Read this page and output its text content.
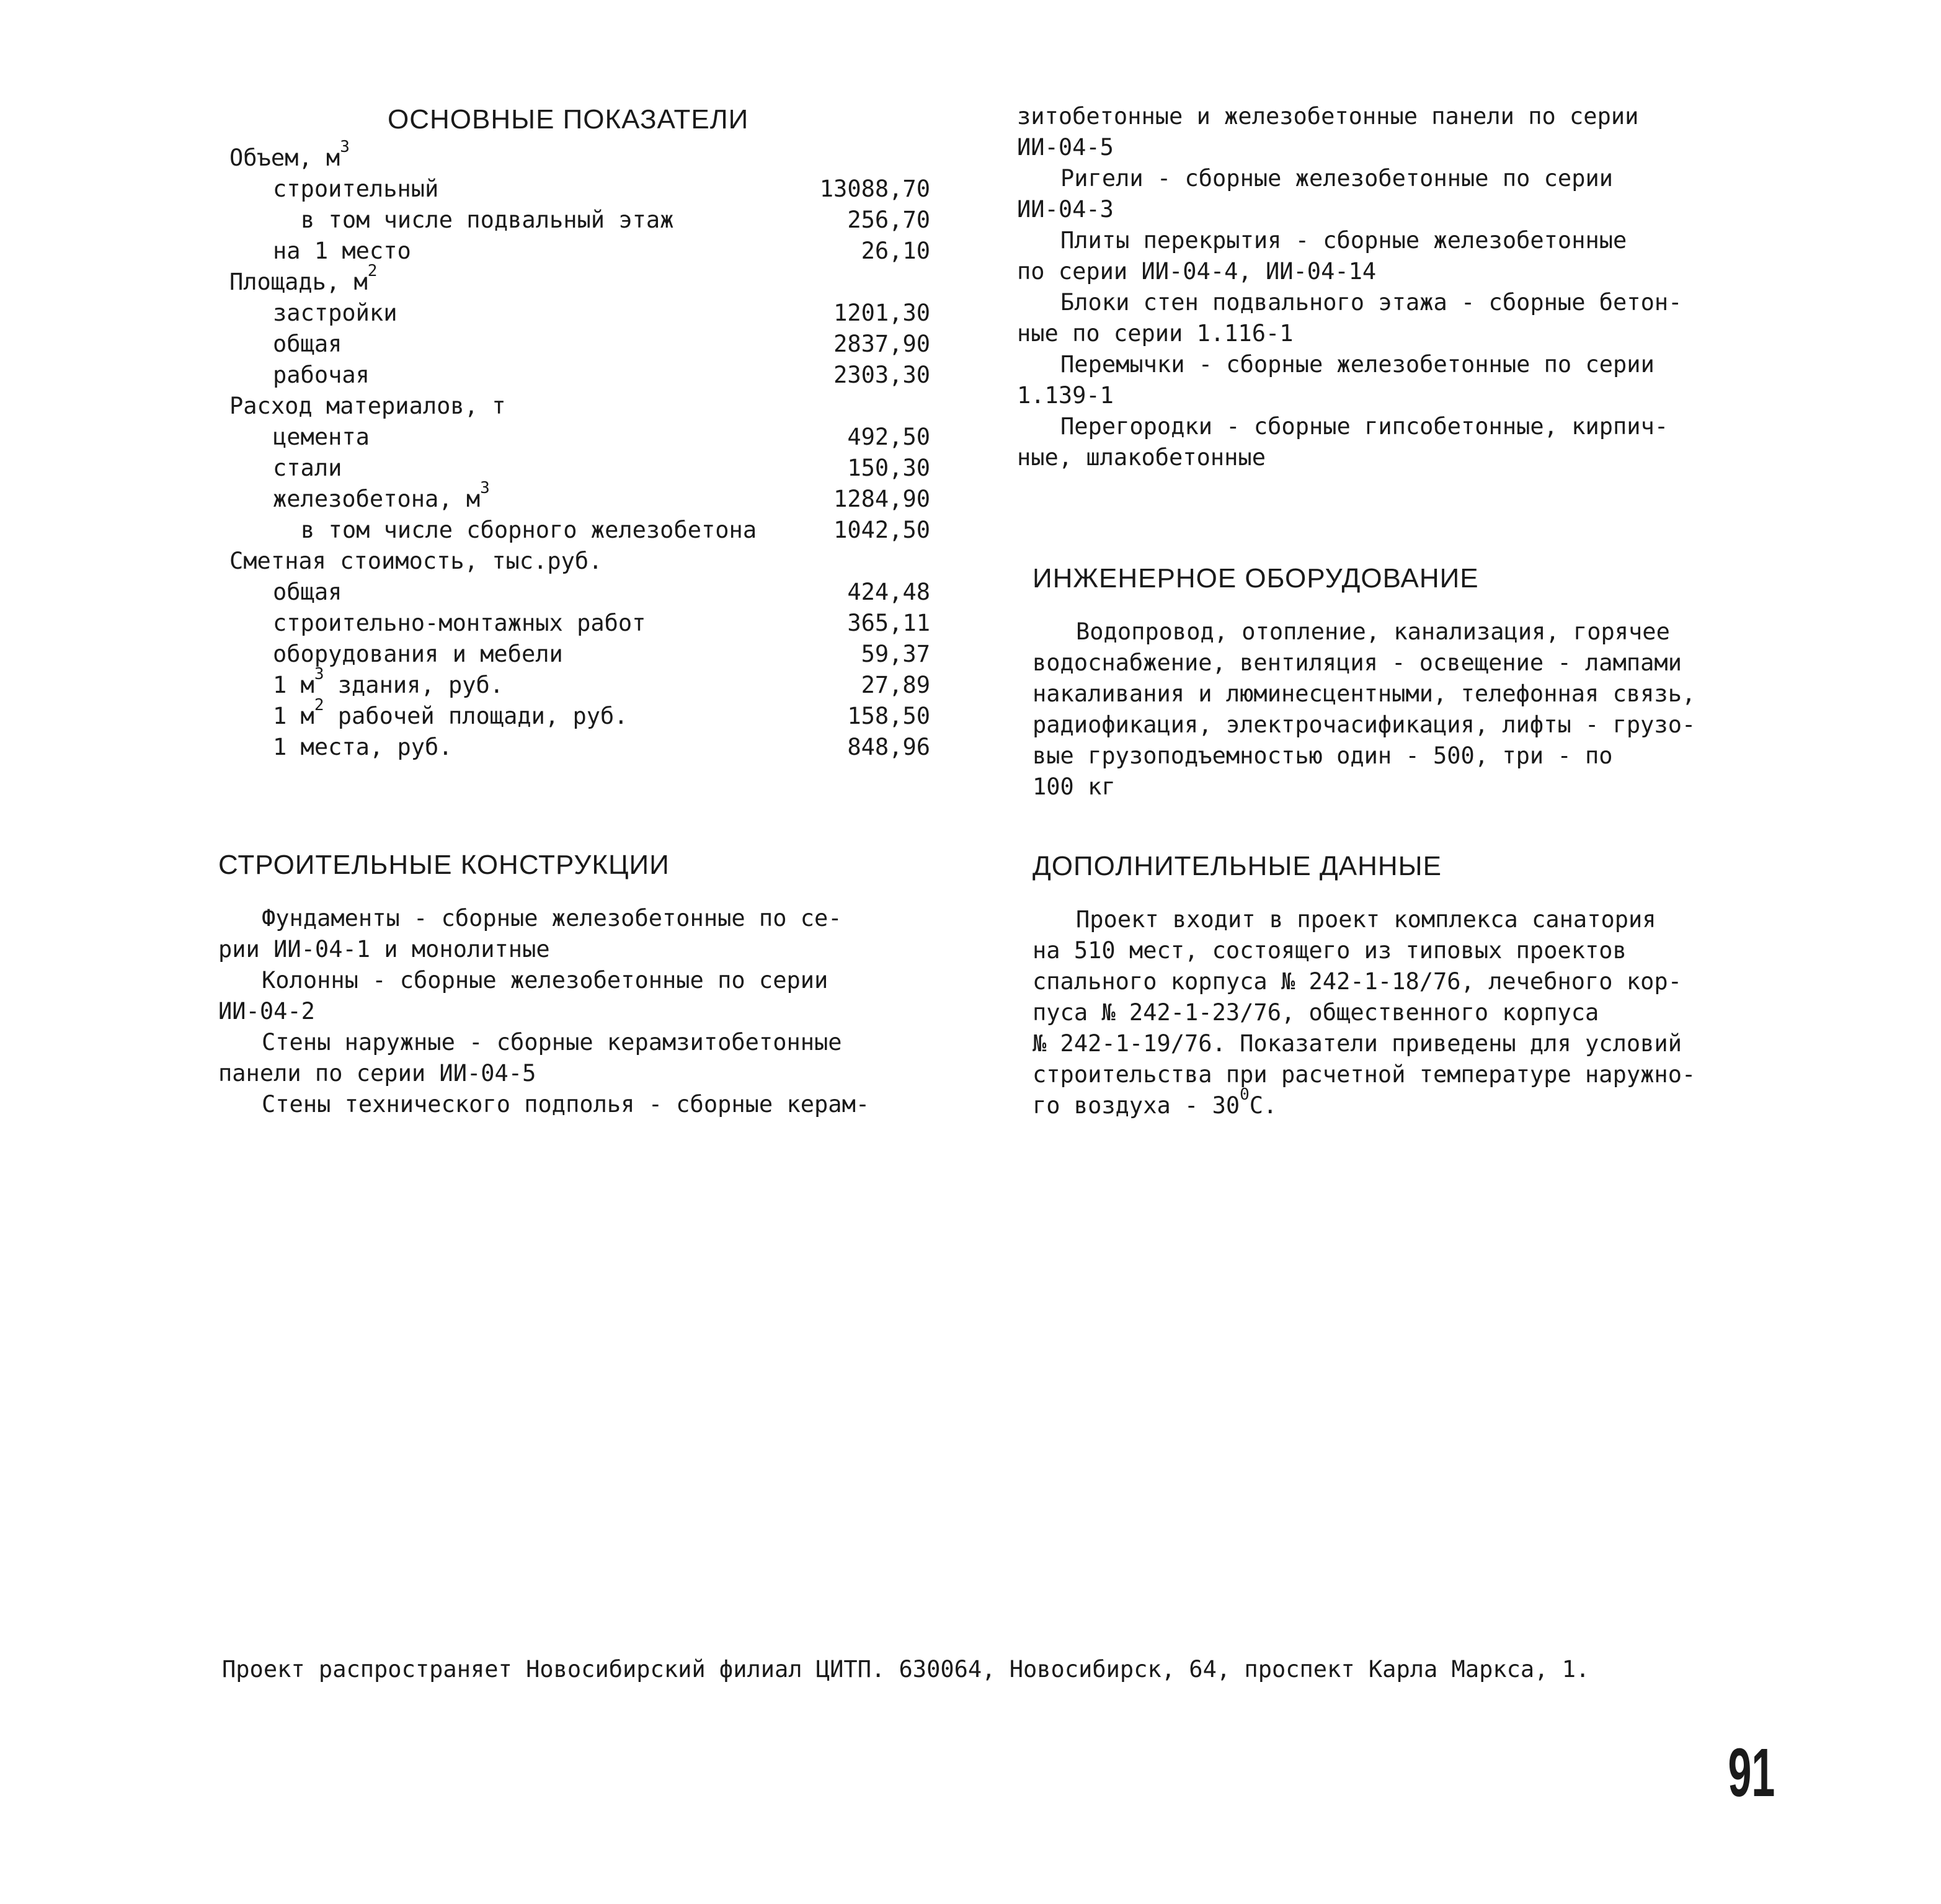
ОСНОВНЫЕ ПОКАЗАТЕЛИ
Объем, $м^3$
строительный	13088,70
в том числе подвальный этаж	256,70
на 1 место	26,10
Площадь, $м^2$
застройки	1201,30
общая	2837,90
рабочая	2303,30
Расход материалов, т
цемента	492,50
стали	150,30
железобетона, $м^3$	1284,90
в том числе сборного железобетона	1042,50
Сметная стоимость, тыс.руб.
общая	424,48
строительно-монтажных работ	365,11
оборудования и мебели	59,37
1 $м^3$ здания, руб.	27,89
1 $м^2$ рабочей площади, руб.	158,50
1 места, руб.	848,96
СТРОИТЕЛЬНЫЕ КОНСТРУКЦИИ
Фундаменты - сборные железобетонные по се-
рии ИИ-04-1 и монолитные
Колонны - сборные железобетонные по серии
ИИ-04-2
Стены наружные - сборные керамзитобетонные
панели по серии ИИ-04-5
Стены технического подполья - сборные керам-
зитобетонные и железобетонные панели по серии
ИИ-04-5
Ригели - сборные железобетонные по серии
ИИ-04-3
Плиты перекрытия - сборные железобетонные
по серии ИИ-04-4, ИИ-04-14
Блоки стен подвального этажа - сборные бетон-
ные по серии 1.116-1
Перемычки - сборные железобетонные по серии
1.139-1
Перегородки - сборные гипсобетонные, кирпич-
ные, шлакобетонные
ИНЖЕНЕРНОЕ ОБОРУДОВАНИЕ
Водопровод, отопление, канализация, горячее
водоснабжение, вентиляция - освещение - лампами
накаливания и люминесцентными, телефонная связь,
радиофикация, электрочасификация, лифты - грузо-
вые грузоподъемностью один - 500, три - по
100 кг
ДОПОЛНИТЕЛЬНЫЕ ДАННЫЕ
Проект входит в проект комплекса санатория
на 510 мест, состоящего из типовых проектов
спального корпуса № 242-1-18/76, лечебного кор-
пуса № 242-1-23/76, общественного корпуса
№ 242-1-19/76. Показатели приведены для условий
строительства при расчетной температуре наружно-
го воздуха - $30^0С$.
Проект распространяет Новосибирский филиал ЦИТП. 630064, Новосибирск, 64, проспект Карла Маркса, 1.
91
